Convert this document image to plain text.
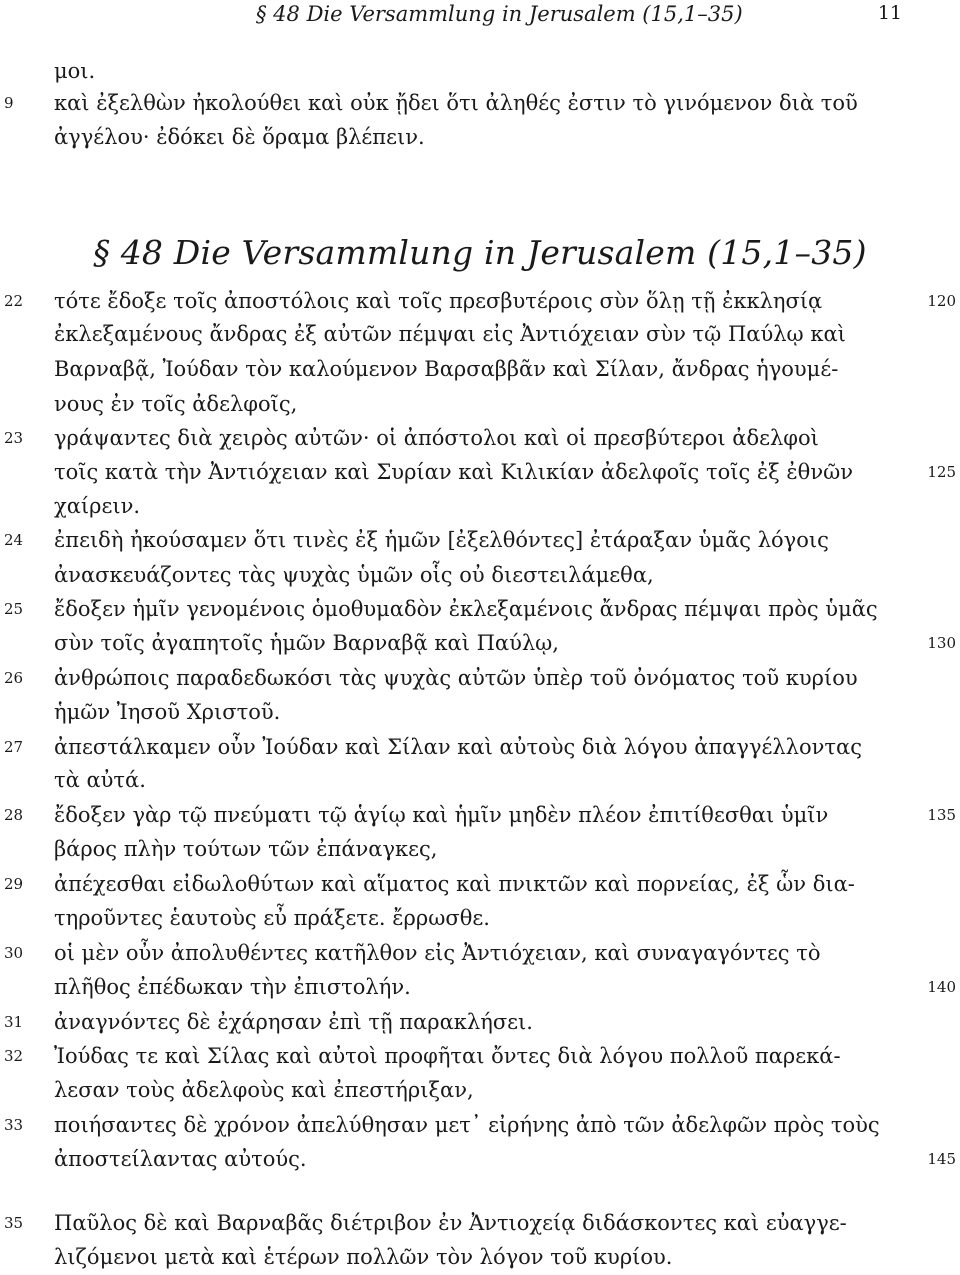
§ 48 Die Versammlung in Jerusalem (15,1–35)	11
μοι.
9	καὶ ἐξελθὼν ἠκολούθει καὶ οὐκ ᾔδει ὅτι ἀληθές ἐστιν τὸ γινόμενον διὰ τοῦ
ἀγγέλου· ἐδόκει δὲ ὅραμα βλέπειν.
§ 48 Die Versammlung in Jerusalem (15,1–35)
22	τότε ἔδοξε τοῖς ἀποστόλοις καὶ τοῖς πρεσβυτέροις σὺν ὅλῃ τῇ ἐκκλησίᾳ	120
ἐκλεξαμένους ἄνδρας ἐξ αὐτῶν πέμψαι εἰς Ἀντιόχειαν σὺν τῷ Παύλῳ καὶ
Βαρναβᾷ, Ἰούδαν τὸν καλούμενον Βαρσαββᾶν καὶ Σίλαν, ἄνδρας ἡγουμέ-
νους ἐν τοῖς ἀδελφοῖς,
23	γράψαντες διὰ χειρὸς αὐτῶν· οἱ ἀπόστολοι καὶ οἱ πρεσβύτεροι ἀδελφοὶ
τοῖς κατὰ τὴν Ἀντιόχειαν καὶ Συρίαν καὶ Κιλικίαν ἀδελφοῖς τοῖς ἐξ ἐθνῶν	125
χαίρειν.
24	ἐπειδὴ ἠκούσαμεν ὅτι τινὲς ἐξ ἡμῶν [ἐξελθόντες] ἐτάραξαν ὑμᾶς λόγοις
ἀνασκευάζοντες τὰς ψυχὰς ὑμῶν οἷς οὐ διεστειλάμεθα,
25	ἔδοξεν ἡμῖν γενομένοις ὁμοθυμαδὸν ἐκλεξαμένοις ἄνδρας πέμψαι πρὸς ὑμᾶς
σὺν τοῖς ἀγαπητοῖς ἡμῶν Βαρναβᾷ καὶ Παύλῳ,	130
26	ἀνθρώποις παραδεδωκόσι τὰς ψυχὰς αὐτῶν ὑπὲρ τοῦ ὀνόματος τοῦ κυρίου
ἡμῶν Ἰησοῦ Χριστοῦ.
27	ἀπεστάλκαμεν οὖν Ἰούδαν καὶ Σίλαν καὶ αὐτοὺς διὰ λόγου ἀπαγγέλλοντας
τὰ αὐτά.
28	ἔδοξεν γὰρ τῷ πνεύματι τῷ ἁγίῳ καὶ ἡμῖν μηδὲν πλέον ἐπιτίθεσθαι ὑμῖν	135
βάρος πλὴν τούτων τῶν ἐπάναγκες,
29	ἀπέχεσθαι εἰδωλοθύτων καὶ αἵματος καὶ πνικτῶν καὶ πορνείας, ἐξ ὧν δια-
τηροῦντες ἑαυτοὺς εὖ πράξετε. ἔρρωσθε.
30	οἱ μὲν οὖν ἀπολυθέντες κατῆλθον εἰς Ἀντιόχειαν, καὶ συναγαγόντες τὸ
πλῆθος ἐπέδωκαν τὴν ἐπιστολήν.	140
31	ἀναγνόντες δὲ ἐχάρησαν ἐπὶ τῇ παρακλήσει.
32	Ἰούδας τε καὶ Σίλας καὶ αὐτοὶ προφῆται ὄντες διὰ λόγου πολλοῦ παρεκά-
λεσαν τοὺς ἀδελφοὺς καὶ ἐπεστήριξαν,
33	ποιήσαντες δὲ χρόνον ἀπελύθησαν μετ᾿ εἰρήνης ἀπὸ τῶν ἀδελφῶν πρὸς τοὺς
ἀποστείλαντας αὐτούς.	145
35	Παῦλος δὲ καὶ Βαρναβᾶς διέτριβον ἐν Ἀντιοχείᾳ διδάσκοντες καὶ εὐαγγε-
λιζόμενοι μετὰ καὶ ἑτέρων πολλῶν τὸν λόγον τοῦ κυρίου.
